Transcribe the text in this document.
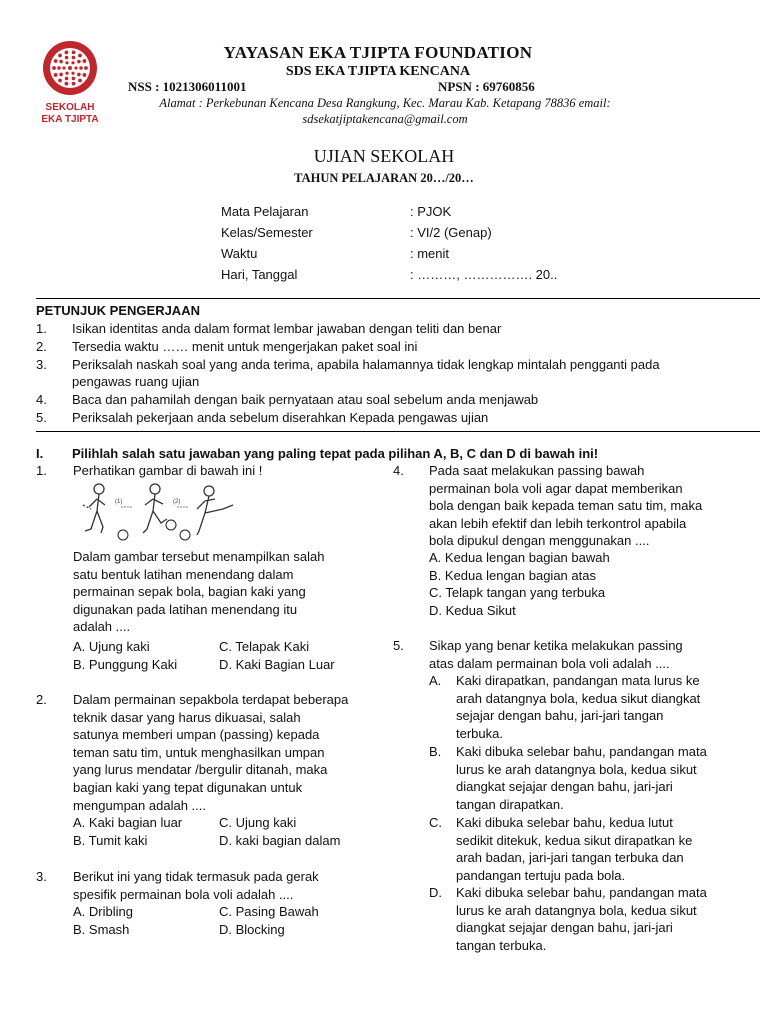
SEKOLAH
EKA TJIPTA
YAYASAN EKA TJIPTA FOUNDATION
SDS EKA TJIPTA KENCANA
NSS : 1021306011001	NPSN : 69760856
Alamat : Perkebunan Kencana Desa Rangkung, Kec. Marau Kab. Ketapang 78836 email:
sdsekatjiptakencana@gmail.com
UJIAN SEKOLAH
TAHUN PELAJARAN 20…/20…
Mata Pelajaran	: PJOK
Kelas/Semester	: VI/2 (Genap)
Waktu	: menit
Hari, Tanggal	: ………, ……………. 20..
PETUNJUK PENGERJAAN
1. Isikan identitas anda dalam format lembar jawaban dengan teliti dan benar
2. Tersedia waktu …… menit untuk mengerjakan paket soal ini
3. Periksalah naskah soal yang anda terima, apabila halamannya tidak lengkap mintalah pengganti pada
pengawas ruang ujian
4. Baca dan pahamilah dengan baik pernyataan atau soal sebelum anda menjawab
5. Periksalah pekerjaan anda sebelum diserahkan Kepada pengawas ujian
I. Pilihlah salah satu jawaban yang paling tepat pada pilihan A, B, C dan D di bawah ini!
1. Perhatikan gambar di bawah ini !
(1)	(2)
Dalam gambar tersebut menampilkan salah
satu bentuk latihan menendang dalam
permainan sepak bola, bagian kaki yang
digunakan pada latihan menendang itu
adalah ....
A. Ujung kaki	C. Telapak Kaki
B. Punggung Kaki	D. Kaki Bagian Luar
2. Dalam permainan sepakbola terdapat beberapa
teknik dasar yang harus dikuasai, salah
satunya memberi umpan (passing) kepada
teman satu tim, untuk menghasilkan umpan
yang lurus mendatar /bergulir ditanah, maka
bagian kaki yang tepat digunakan untuk
mengumpan adalah ....
A. Kaki bagian luar	C. Ujung kaki
B. Tumit kaki	D. kaki bagian dalam
3. Berikut ini yang tidak termasuk pada gerak
spesifik permainan bola voli adalah ....
A. Dribling	C. Pasing Bawah
B. Smash	D. Blocking
4. Pada saat melakukan passing bawah
permainan bola voli agar dapat memberikan
bola dengan baik kepada teman satu tim, maka
akan lebih efektif dan lebih terkontrol apabila
bola dipukul dengan menggunakan ....
A. Kedua lengan bagian bawah
B. Kedua lengan bagian atas
C. Telapk tangan yang terbuka
D. Kedua Sikut
5. Sikap yang benar ketika melakukan passing
atas dalam permainan bola voli adalah ....
A. Kaki dirapatkan, pandangan mata lurus ke
arah datangnya bola, kedua sikut diangkat
sejajar dengan bahu, jari-jari tangan
terbuka.
B. Kaki dibuka selebar bahu, pandangan mata
lurus ke arah datangnya bola, kedua sikut
diangkat sejajar dengan bahu, jari-jari
tangan dirapatkan.
C. Kaki dibuka selebar bahu, kedua lutut
sedikit ditekuk, kedua sikut dirapatkan ke
arah badan, jari-jari tangan terbuka dan
pandangan tertuju pada bola.
D. Kaki dibuka selebar bahu, pandangan mata
lurus ke arah datangnya bola, kedua sikut
diangkat sejajar dengan bahu, jari-jari
tangan terbuka.
